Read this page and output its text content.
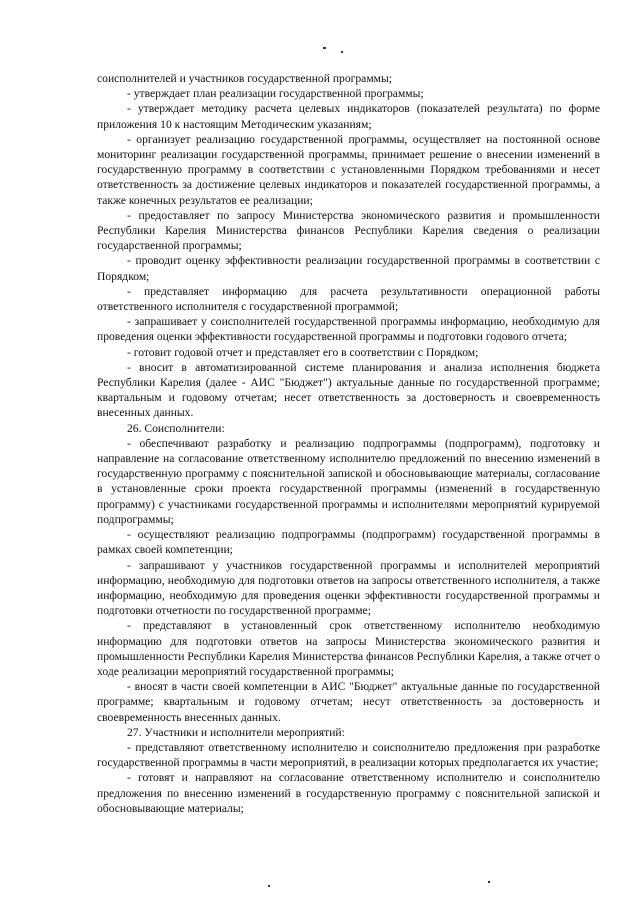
соисполнителей и участников государственной программы;

- утверждает план реализации государственной программы;

- утверждает методику расчета целевых индикаторов (показателей результата) по форме приложения 10 к настоящим Методическим указаниям;

- организует реализацию государственной программы, осуществляет на постоянной основе мониторинг реализации государственной программы, принимает решение о внесении изменений в государственную программу в соответствии с установленными Порядком требованиями и несет ответственность за достижение целевых индикаторов и показателей государственной программы, а также конечных результатов ее реализации;

- предоставляет по запросу Министерства экономического развития и промышленности Республики Карелия Министерства финансов Республики Карелия сведения о реализации государственной программы;

- проводит оценку эффективности реализации государственной программы в соответствии с Порядком;

- представляет информацию для расчета результативности операционной работы ответственного исполнителя с государственной программой;

- запрашивает у соисполнителей государственной программы информацию, необходимую для проведения оценки эффективности государственной программы и подготовки годового отчета;

- готовит годовой отчет и представляет его в соответствии с Порядком;

- вносит в автоматизированной системе планирования и анализа исполнения бюджета Республики Карелия (далее - АИС "Бюджет") актуальные данные по государственной программе; квартальным и годовому отчетам; несет ответственность за достоверность и своевременность внесенных данных.

26. Соисполнители:

- обеспечивают разработку и реализацию подпрограммы (подпрограмм), подготовку и направление на согласование ответственному исполнителю предложений по внесению изменений в государственную программу с пояснительной запиской и обосновывающие материалы, согласование в установленные сроки проекта государственной программы (изменений в государственную программу) с участниками государственной программы и исполнителями мероприятий курируемой подпрограммы;

- осуществляют реализацию подпрограммы (подпрограмм) государственной программы в рамках своей компетенции;

- запрашивают у участников государственной программы и исполнителей мероприятий информацию, необходимую для подготовки ответов на запросы ответственного исполнителя, а также информацию, необходимую для проведения оценки эффективности государственной программы и подготовки отчетности по государственной программе;

- представляют в установленный срок ответственному исполнителю необходимую информацию для подготовки ответов на запросы Министерства экономического развития и промышленности Республики Карелия Министерства финансов Республики Карелия, а также отчет о ходе реализации мероприятий государственной программы;

- вносят в части своей компетенции в АИС "Бюджет" актуальные данные по государственной программе; квартальным и годовому отчетам; несут ответственность за достоверность и своевременность внесенных данных.

27. Участники и исполнители мероприятий:

- представляют ответственному исполнителю и соисполнителю предложения при разработке государственной программы в части мероприятий, в реализации которых предполагается их участие;

- готовят и направляют на согласование ответственному исполнителю и соисполнителю предложения по внесению изменений в государственную программу с пояснительной запиской и обосновывающие материалы;
